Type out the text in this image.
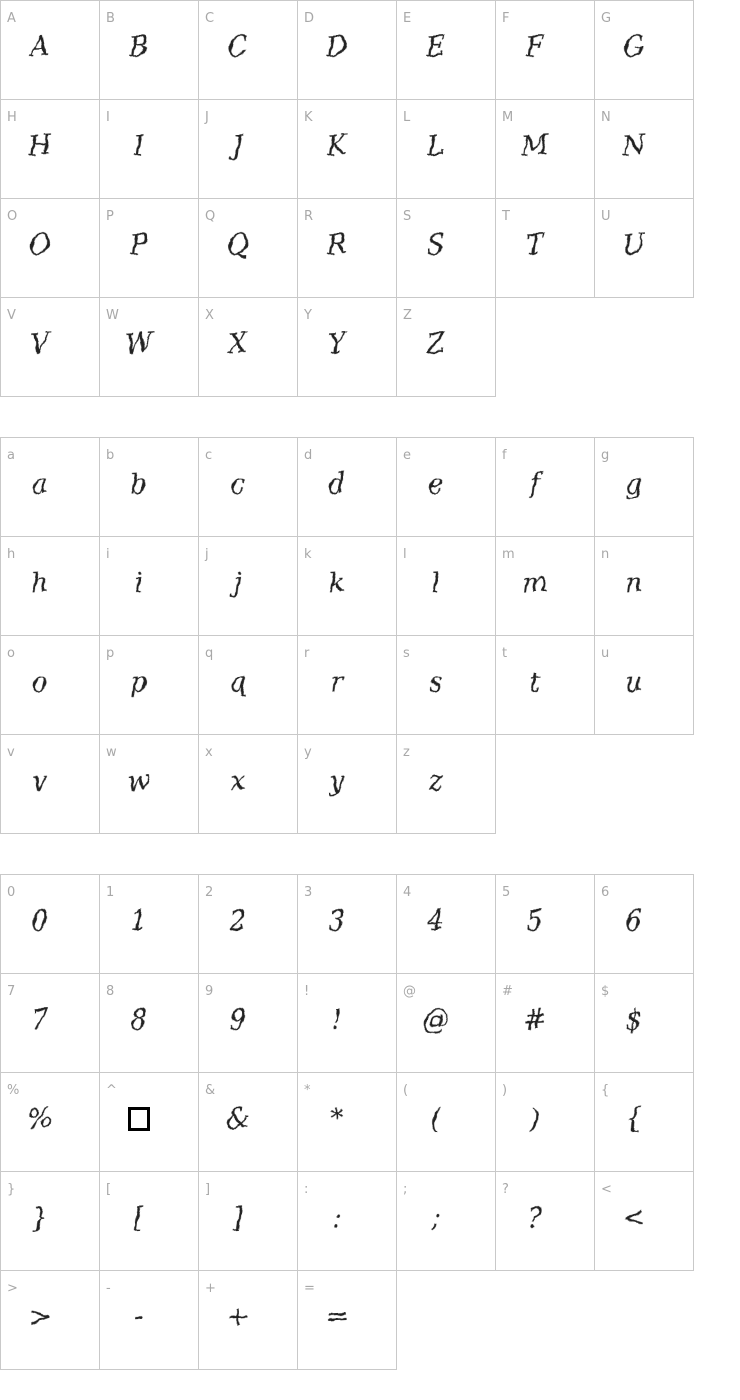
A
A
B
B
C
C
D
D
E
E
F
F
G
G
H
H
I
I
J
J
K
K
L
L
M
M
N
N
O
O
P
P
Q
Q
R
R
S
S
T
T
U
U
V
V
W
W
X
X
Y
Y
Z
Z
a
a
b
b
c
c
d
d
e
e
f
f
g
g
h
h
i
i
j
j
k
k
l
l
m
m
n
n
o
o
p
p
q
q
r
r
s
s
t
t
u
u
v
v
w
w
x
x
y
y
z
z
0
0
1
1
2
2
3
3
4
4
5
5
6
6
7
7
8
8
9
9
!
!
@
@
#
#
$
$
%
%
^	&
&
*
*
(
(
)
)
{
{
}
}
[
[
]
]
:
:
;
;
?
?
<
<
>
>
-
-
+
+
=
=
